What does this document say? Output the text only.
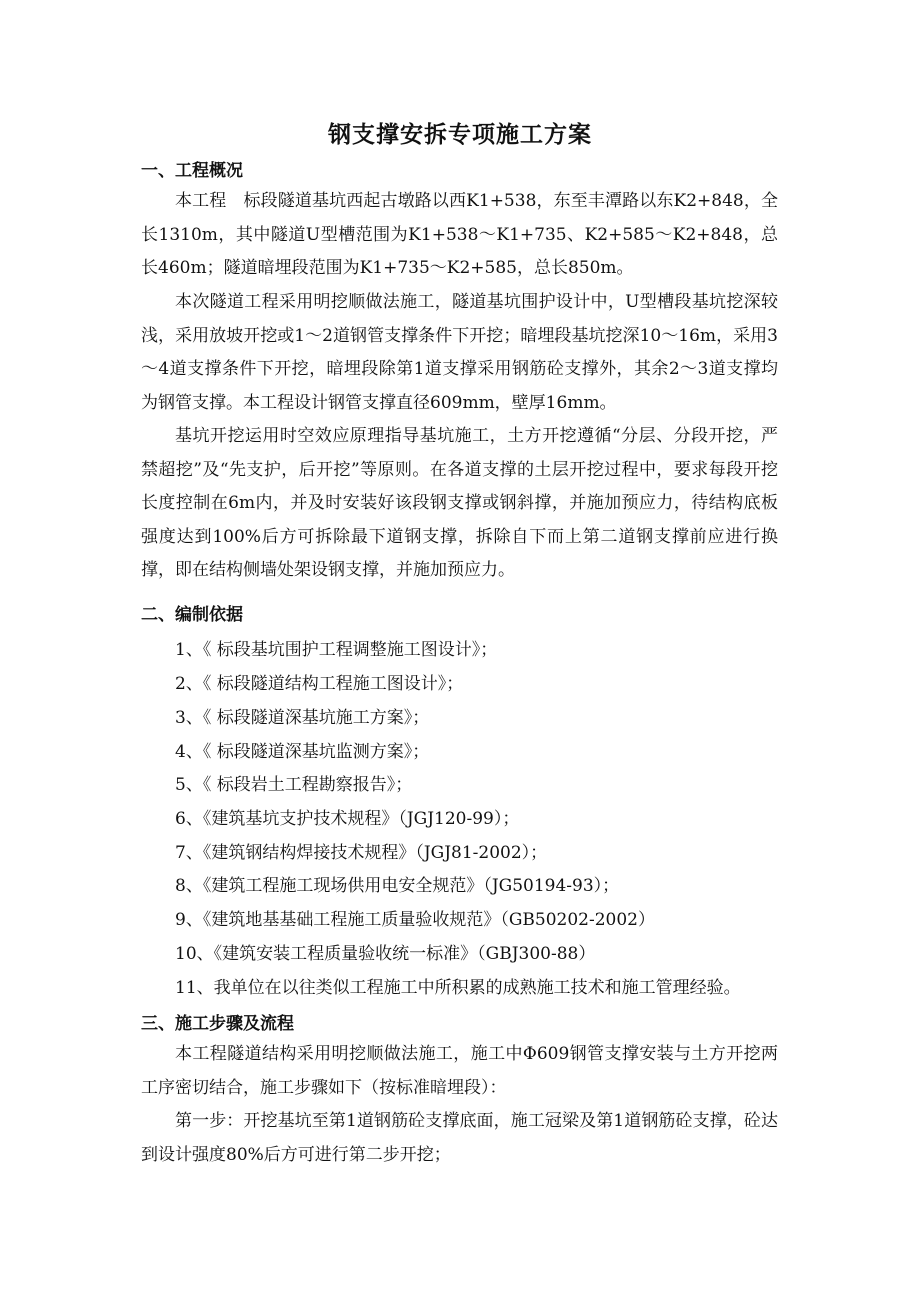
钢支撑安拆专项施工方案
一、工程概况

本工程　标段隧道基坑西起古墩路以西K1+538，东至丰潭路以东K2+848，全长1310m，其中隧道U型槽范围为K1+538～K1+735、K2+585～K2+848，总长460m；隧道暗埋段范围为K1+735～K2+585，总长850m。

本次隧道工程采用明挖顺做法施工，隧道基坑围护设计中，U型槽段基坑挖深较浅，采用放坡开挖或1～2道钢管支撑条件下开挖；暗埋段基坑挖深10～16m，采用3～4道支撑条件下开挖，暗埋段除第1道支撑采用钢筋砼支撑外，其余2～3道支撑均为钢管支撑。本工程设计钢管支撑直径609mm，壁厚16mm。

基坑开挖运用时空效应原理指导基坑施工，土方开挖遵循“分层、分段开挖，严禁超挖”及“先支护，后开挖”等原则。在各道支撑的土层开挖过程中，要求每段开挖长度控制在6m内，并及时安装好该段钢支撑或钢斜撑，并施加预应力，待结构底板强度达到100%后方可拆除最下道钢支撑，拆除自下而上第二道钢支撑前应进行换撑，即在结构侧墙处架设钢支撑，并施加预应力。

二、编制依据
1、《 标段基坑围护工程调整施工图设计》；
2、《 标段隧道结构工程施工图设计》；
3、《 标段隧道深基坑施工方案》；
4、《 标段隧道深基坑监测方案》；
5、《 标段岩土工程勘察报告》；
6、《建筑基坑支护技术规程》（JGJ120-99）；
7、《建筑钢结构焊接技术规程》（JGJ81-2002）；
8、《建筑工程施工现场供用电安全规范》（JG50194-93）；
9、《建筑地基基础工程施工质量验收规范》（GB50202-2002）
10、《建筑安装工程质量验收统一标准》（GBJ300-88）
11、我单位在以往类似工程施工中所积累的成熟施工技术和施工管理经验。
三、施工步骤及流程

本工程隧道结构采用明挖顺做法施工，施工中Φ609钢管支撑安装与土方开挖两工序密切结合，施工步骤如下（按标准暗埋段）：

第一步：开挖基坑至第1道钢筋砼支撑底面，施工冠梁及第1道钢筋砼支撑，砼达到设计强度80%后方可进行第二步开挖；
